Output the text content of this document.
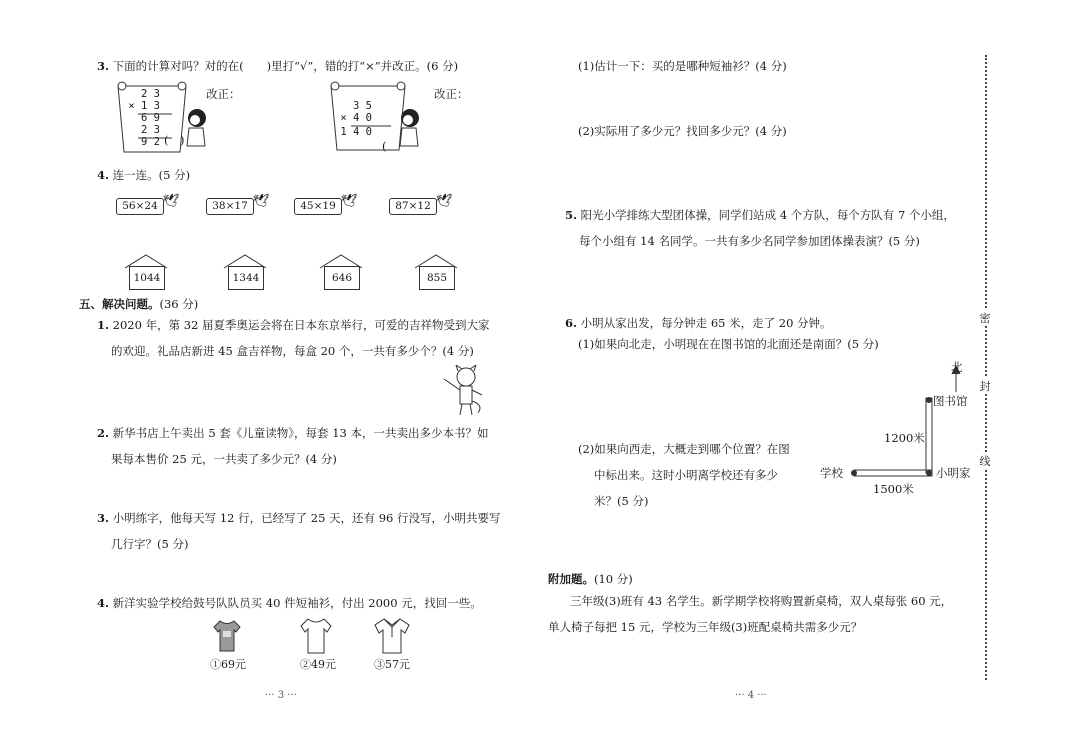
3. 下面的计算对吗？对的在(　　)里打“√”，错的打“×”并改正。(6 分)
2 3
× 1 3
6 9
2 3
9 2 (　)
改正：
3 5
× 4 0
1 4 0
(　
改正：
4. 连一连。(5 分)
56×24 🕊	38×17 🕊	45×19 🕊	87×12 🕊
1044	1344	646	855
五、解决问题。(36 分)
1. 2020 年，第 32 届夏季奥运会将在日本东京举行，可爱的吉祥物受到大家
的欢迎。礼品店新进 45 盒吉祥物，每盒 20 个，一共有多少个？(4 分)
2. 新华书店上午卖出 5 套《儿童读物》，每套 13 本，一共卖出多少本书？如
果每本售价 25 元，一共卖了多少元？(4 分)
3. 小明练字，他每天写 12 行，已经写了 25 天，还有 96 行没写，小明共要写
几行字？(5 分)
4. 新洋实验学校给鼓号队队员买 40 件短袖衫，付出 2000 元，找回一些。
①69元	②49元	③57元
··· 3 ···
(1)估计一下：买的是哪种短袖衫？(4 分)
(2)实际用了多少元？找回多少元？(4 分)
5. 阳光小学排练大型团体操，同学们站成 4 个方队，每个方队有 7 个小组，
每个小组有 14 名同学。一共有多少名同学参加团体操表演？(5 分)
6. 小明从家出发，每分钟走 65 米，走了 20 分钟。
(1)如果向北走，小明现在在图书馆的北面还是南面？(5 分)
(2)如果向西走，大概走到哪个位置？在图
中标出来。这时小明离学校还有多少
米？(5 分)
北
图书馆
小明家
学校
1200米
1500米
附加题。(10 分)
三年级(3)班有 43 名学生。新学期学校将购置新桌椅，双人桌每张 60 元，
单人椅子每把 15 元，学校为三年级(3)班配桌椅共需多少元？
密
封
线
··· 4 ···
